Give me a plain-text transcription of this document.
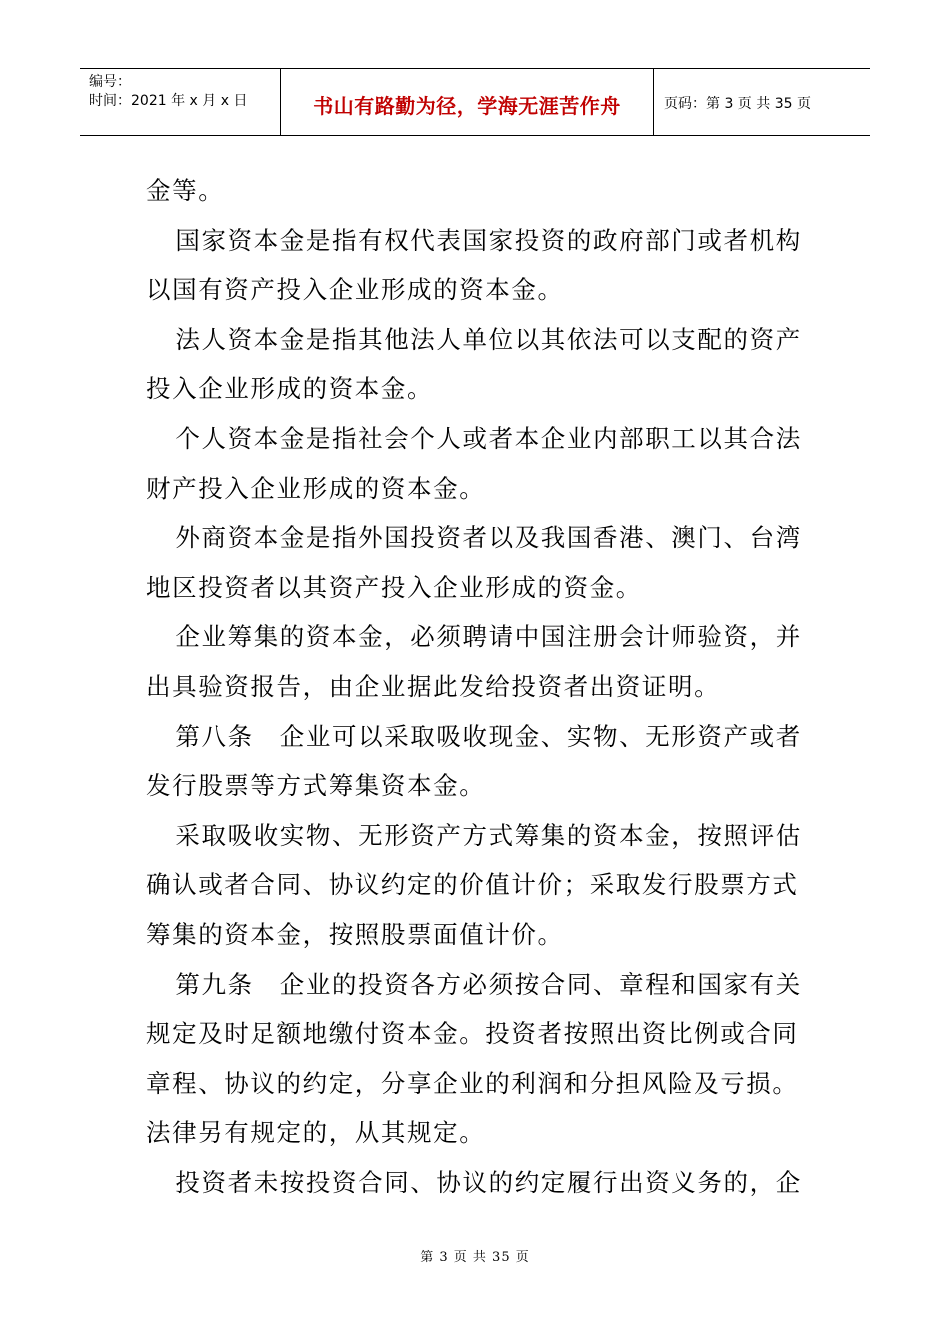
编号：
时间：2021 年 x 月 x 日	书山有路勤为径，学海无涯苦作舟	页码：第 3 页 共 35 页

金等。

国家资本金是指有权代表国家投资的政府部门或者机构以国有资产投入企业形成的资本金。

法人资本金是指其他法人单位以其依法可以支配的资产投入企业形成的资本金。

个人资本金是指社会个人或者本企业内部职工以其合法财产投入企业形成的资本金。

外商资本金是指外国投资者以及我国香港、澳门、台湾地区投资者以其资产投入企业形成的资金。

企业筹集的资本金，必须聘请中国注册会计师验资，并出具验资报告，由企业据此发给投资者出资证明。

第八条　企业可以采取吸收现金、实物、无形资产或者发行股票等方式筹集资本金。

采取吸收实物、无形资产方式筹集的资本金，按照评估确认或者合同、协议约定的价值计价；采取发行股票方式筹集的资本金，按照股票面值计价。

第九条　企业的投资各方必须按合同、章程和国家有关规定及时足额地缴付资本金。投资者按照出资比例或合同章程、协议的约定，分享企业的利润和分担风险及亏损。法律另有规定的，从其规定。

投资者未按投资合同、协议的约定履行出资义务的，企

第 3 页 共 35 页
